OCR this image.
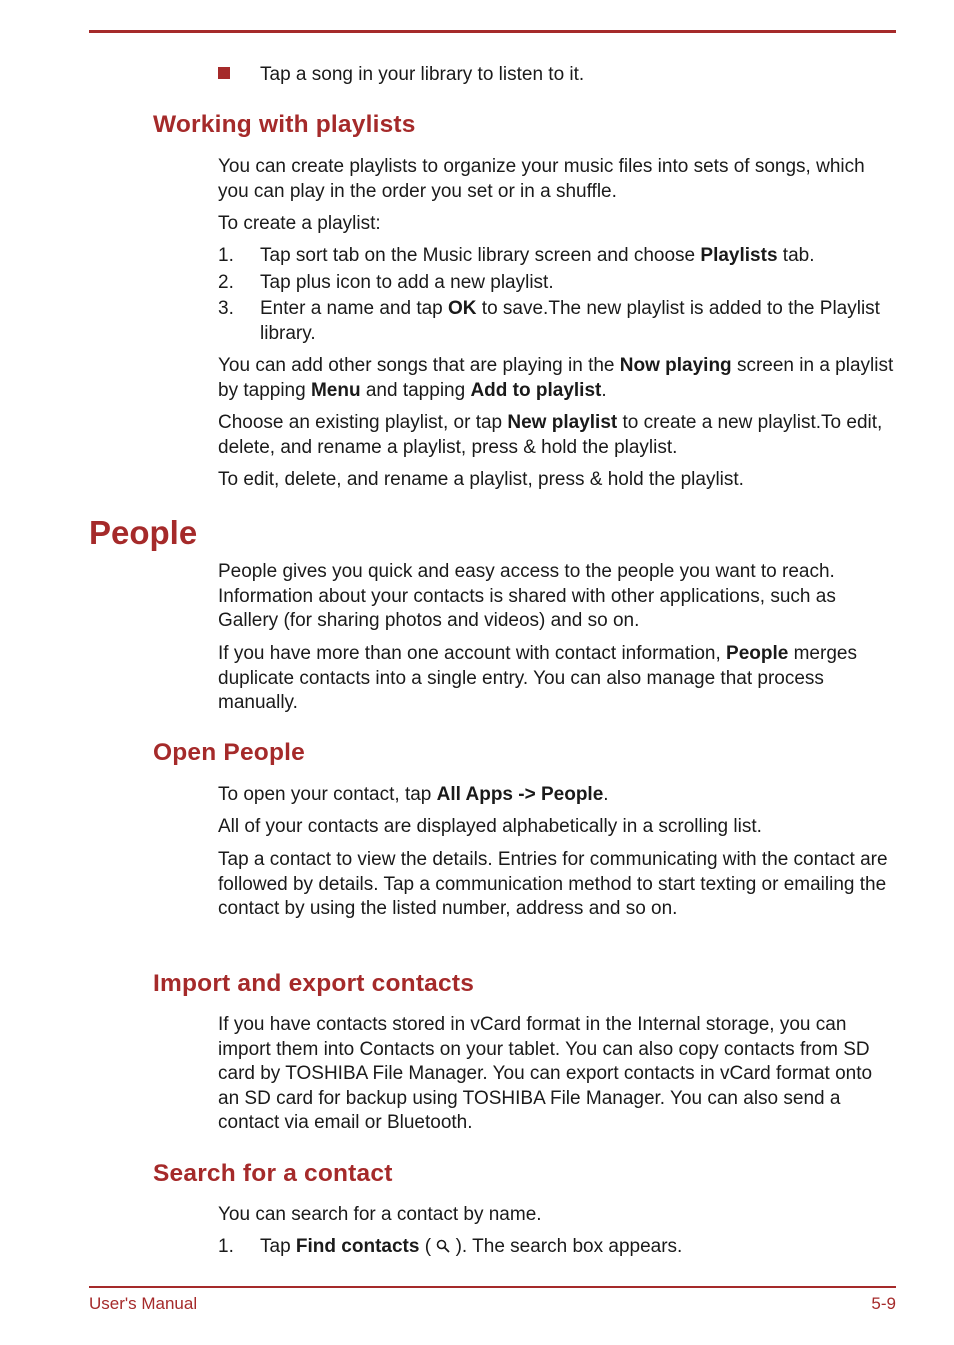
Tap a song in your library to listen to it.
Working with playlists
You can create playlists to organize your music files into sets of songs, which you can play in the order you set or in a shuffle.
To create a playlist:
1. Tap sort tab on the Music library screen and choose Playlists tab.
2. Tap plus icon to add a new playlist.
3. Enter a name and tap OK to save.The new playlist is added to the Playlist library.
You can add other songs that are playing in the Now playing screen in a playlist by tapping Menu and tapping Add to playlist.
Choose an existing playlist, or tap New playlist to create a new playlist.To edit, delete, and rename a playlist, press & hold the playlist.
To edit, delete, and rename a playlist, press & hold the playlist.
People
People gives you quick and easy access to the people you want to reach. Information about your contacts is shared with other applications, such as Gallery (for sharing photos and videos) and so on.
If you have more than one account with contact information, People merges duplicate contacts into a single entry. You can also manage that process manually.
Open People
To open your contact, tap All Apps -> People.
All of your contacts are displayed alphabetically in a scrolling list.
Tap a contact to view the details. Entries for communicating with the contact are followed by details. Tap a communication method to start texting or emailing the contact by using the listed number, address and so on.
Import and export contacts
If you have contacts stored in vCard format in the Internal storage, you can import them into Contacts on your tablet. You can also copy contacts from SD card by TOSHIBA File Manager. You can export contacts in vCard format onto an SD card for backup using TOSHIBA File Manager. You can also send a contact via email or Bluetooth.
Search for a contact
You can search for a contact by name.
1. Tap Find contacts (  ). The search box appears.
User's Manual	5-9
